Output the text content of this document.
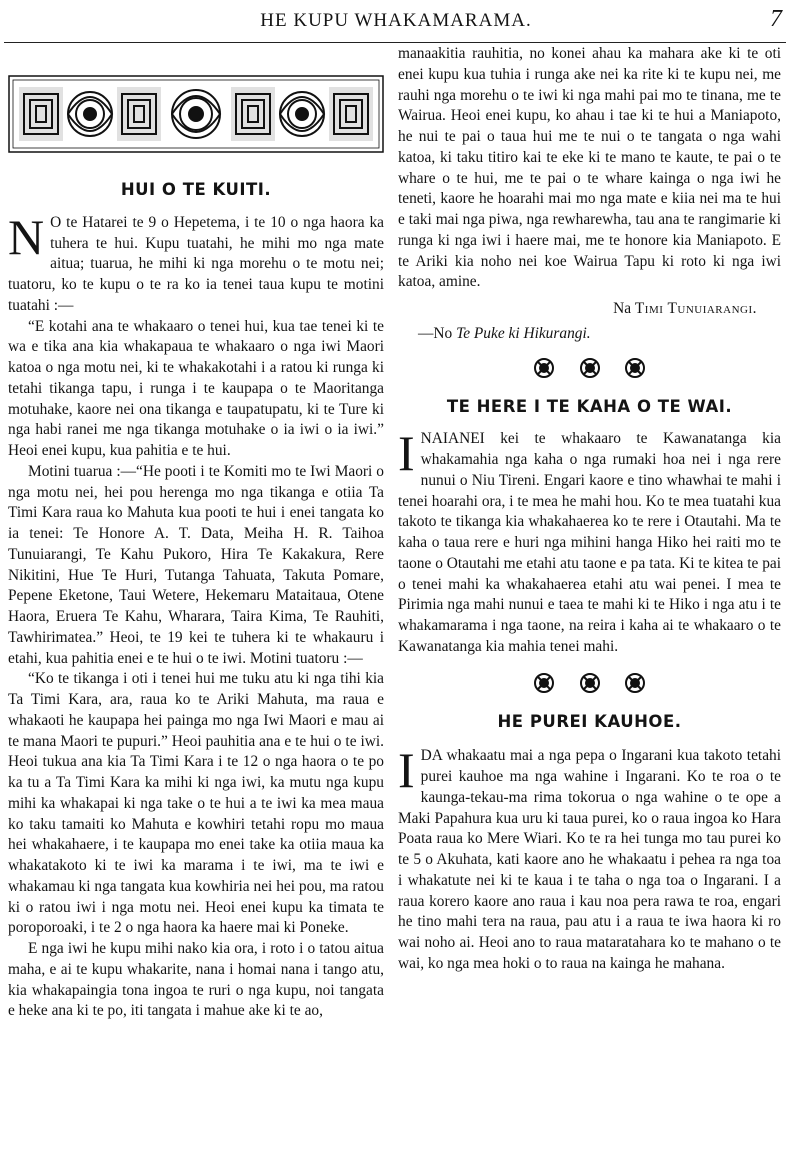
HE KUPU WHAKAMARAMA.	7
HUI O TE KUITI.

N O te Hatarei te 9 o Hepetema, i te 10 o nga haora ka tuhera te hui. Kupu tuatahi, he mihi mo nga mate aitua; tuarua, he mihi ki nga morehu o te motu nei; tuatoru, ko te kupu o te ra ko ia tenei taua kupu te motini tuatahi :—

“E kotahi ana te whakaaro o tenei hui, kua tae tenei ki te wa e tika ana kia whakapaua te whakaaro o nga iwi Maori katoa o nga motu nei, ki te whakakotahi i a ratou ki runga ki tetahi tikanga tapu, i runga i te kaupapa o te Maoritanga motuhake, kaore nei ona tikanga e taupatupatu, ki te Ture ki nga habi ranei me nga tikanga motuhake o ia iwi o ia iwi.” Heoi enei kupu, kua pahitia e te hui.

Motini tuarua :—“He pooti i te Komiti mo te Iwi Maori o nga motu nei, hei pou herenga mo nga tikanga e otiia Ta Timi Kara raua ko Mahuta kua pooti te hui i enei tangata ko ia tenei: Te Honore A. T. Data, Meiha H. R. Taihoa Tunuiarangi, Te Kahu Pukoro, Hira Te Kakakura, Rere Nikitini, Hue Te Huri, Tutanga Tahuata, Takuta Pomare, Pepene Eketone, Taui Wetere, Hekemaru Mataitaua, Otene Haora, Eruera Te Kahu, Wharara, Taira Kima, Te Rauhiti, Tawhirimatea.” Heoi, te 19 kei te tuhera ki te whakauru i etahi, kua pahitia enei e te hui o te iwi. Motini tuatoru :—

“Ko te tikanga i oti i tenei hui me tuku atu ki nga tihi kia Ta Timi Kara, ara, raua ko te Ariki Mahuta, ma raua e whakaoti he kaupapa hei painga mo nga Iwi Maori e mau ai te mana Maori te pupuri.” Heoi pauhitia ana e te hui o te iwi. Heoi tukua ana kia Ta Timi Kara i te 12 o nga haora o te po ka tu a Ta Timi Kara ka mihi ki nga iwi, ka mutu nga kupu mihi ka whakapai ki nga take o te hui a te iwi ka mea maua ko taku tamaiti ko Mahuta e kowhiri tetahi ropu mo maua hei whakahaere, i te kaupapa mo enei take ka otiia maua ka whakatakoto ki te iwi ka marama i te iwi, ma te iwi e whakamau ki nga tangata kua kowhiria nei hei pou, ma ratou ki o ratou iwi i nga motu nei. Heoi enei kupu ka timata te poroporoaki, i te 2 o nga haora ka haere mai ki Poneke.

E nga iwi he kupu mihi nako kia ora, i roto i o tatou aitua maha, e ai te kupu whakarite, nana i homai nana i tango atu, kia whakapaingia tona ingoa te ruri o nga kupu, noi tangata e heke ana ki te po, iti tangata i mahue ake ki te ao,

manaakitia rauhitia, no konei ahau ka mahara ake ki te oti enei kupu kua tuhia i runga ake nei ka rite ki te kupu nei, me rauhi nga morehu o te iwi ki nga mahi pai mo te tinana, me te Wairua. Heoi enei kupu, ko ahau i tae ki te hui a Maniapoto, he nui te pai o taua hui me te nui o te tangata o nga wahi katoa, ki taku titiro kai te eke ki te mano te kaute, te pai o te whare o te hui, me te pai o te whare kainga o nga iwi he teneti, kaore he hoarahi mai mo nga mate e kiia nei ma te hui e taki mai nga piwa, nga rewharewha, tau ana te rangimarie ki runga ki nga iwi i haere mai, me te honore kia Maniapoto. E te Ariki kia noho nei koe Wairua Tapu ki roto ki nga iwi katoa, amine.

Na Timi Tunuiarangi.

—No Te Puke ki Hikurangi.

TE HERE I TE KAHA O TE WAI.

INAIANEI kei te whakaaro te Kawanatanga kia whakamahia nga kaha o nga rumaki hoa nei i nga rere nunui o Niu Tireni. Engari kaore e tino whawhai te mahi i tenei hoarahi ora, i te mea he mahi hou. Ko te mea tuatahi kua takoto te tikanga kia whakahaerea ko te rere i Otautahi. Ma te kaha o taua rere e huri nga mihini hanga Hiko hei raiti mo te taone o Otautahi me etahi atu taone e pa tata. Ki te kitea te pai o tenei mahi ka whakahaerea etahi atu wai penei. I mea te Pirimia nga mahi nunui e taea te mahi ki te Hiko i nga atu i te whakamarama i nga taone, na reira i kaha ai te whakaaro o te Kawanatanga kia mahia tenei mahi.

HE PUREI KAUHOE.

IDA whakaatu mai a nga pepa o Ingarani kua takoto tetahi purei kauhoe ma nga wahine i Ingarani. Ko te roa o te kaunga-tekau-ma rima tokorua o nga wahine o te ope a Maki Papahura kua uru ki taua purei, ko o raua ingoa ko Hara Poata raua ko Mere Wiari. Ko te ra hei tunga mo tau purei ko te 5 o Akuhata, kati kaore ano he whakaatu i pehea ra nga toa i whakatute nei ki te kaua i te taha o nga toa o Ingarani. I a raua korero kaore ano raua i kau noa pera rawa te roa, engari he tino mahi tera na raua, pau atu i a raua te iwa haora ki ro wai noho ai. Heoi ano to raua mataratahara ko te mahano o te wai, ko nga mea hoki o to raua na kainga he mahana.
